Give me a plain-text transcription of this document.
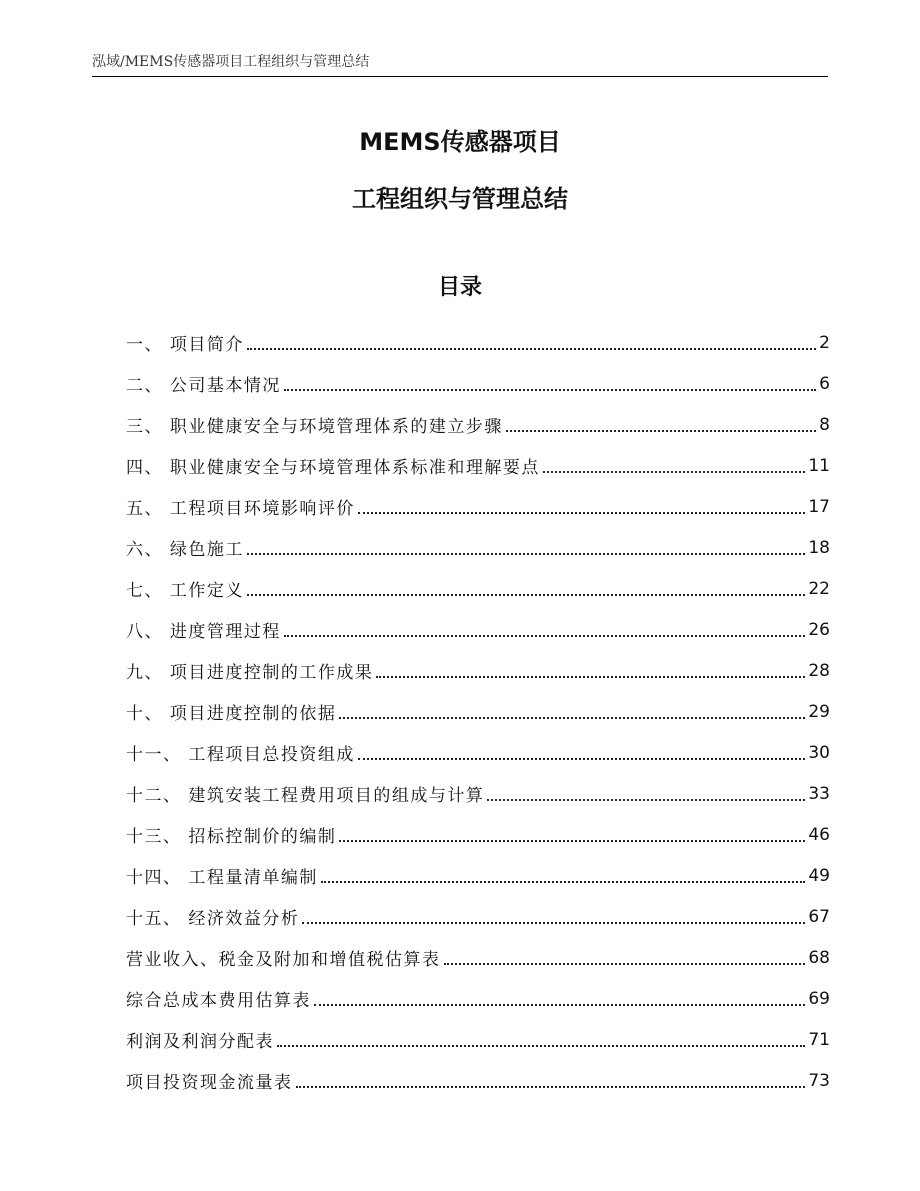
泓域/MEMS传感器项目工程组织与管理总结
MEMS传感器项目
工程组织与管理总结
目录
一、 项目简介	2
二、 公司基本情况	6
三、 职业健康安全与环境管理体系的建立步骤	8
四、 职业健康安全与环境管理体系标准和理解要点	11
五、 工程项目环境影响评价	17
六、 绿色施工	18
七、 工作定义	22
八、 进度管理过程	26
九、 项目进度控制的工作成果	28
十、 项目进度控制的依据	29
十一、 工程项目总投资组成	30
十二、 建筑安装工程费用项目的组成与计算	33
十三、 招标控制价的编制	46
十四、 工程量清单编制	49
十五、 经济效益分析	67
营业收入、税金及附加和增值税估算表	68
综合总成本费用估算表	69
利润及利润分配表	71
项目投资现金流量表	73
